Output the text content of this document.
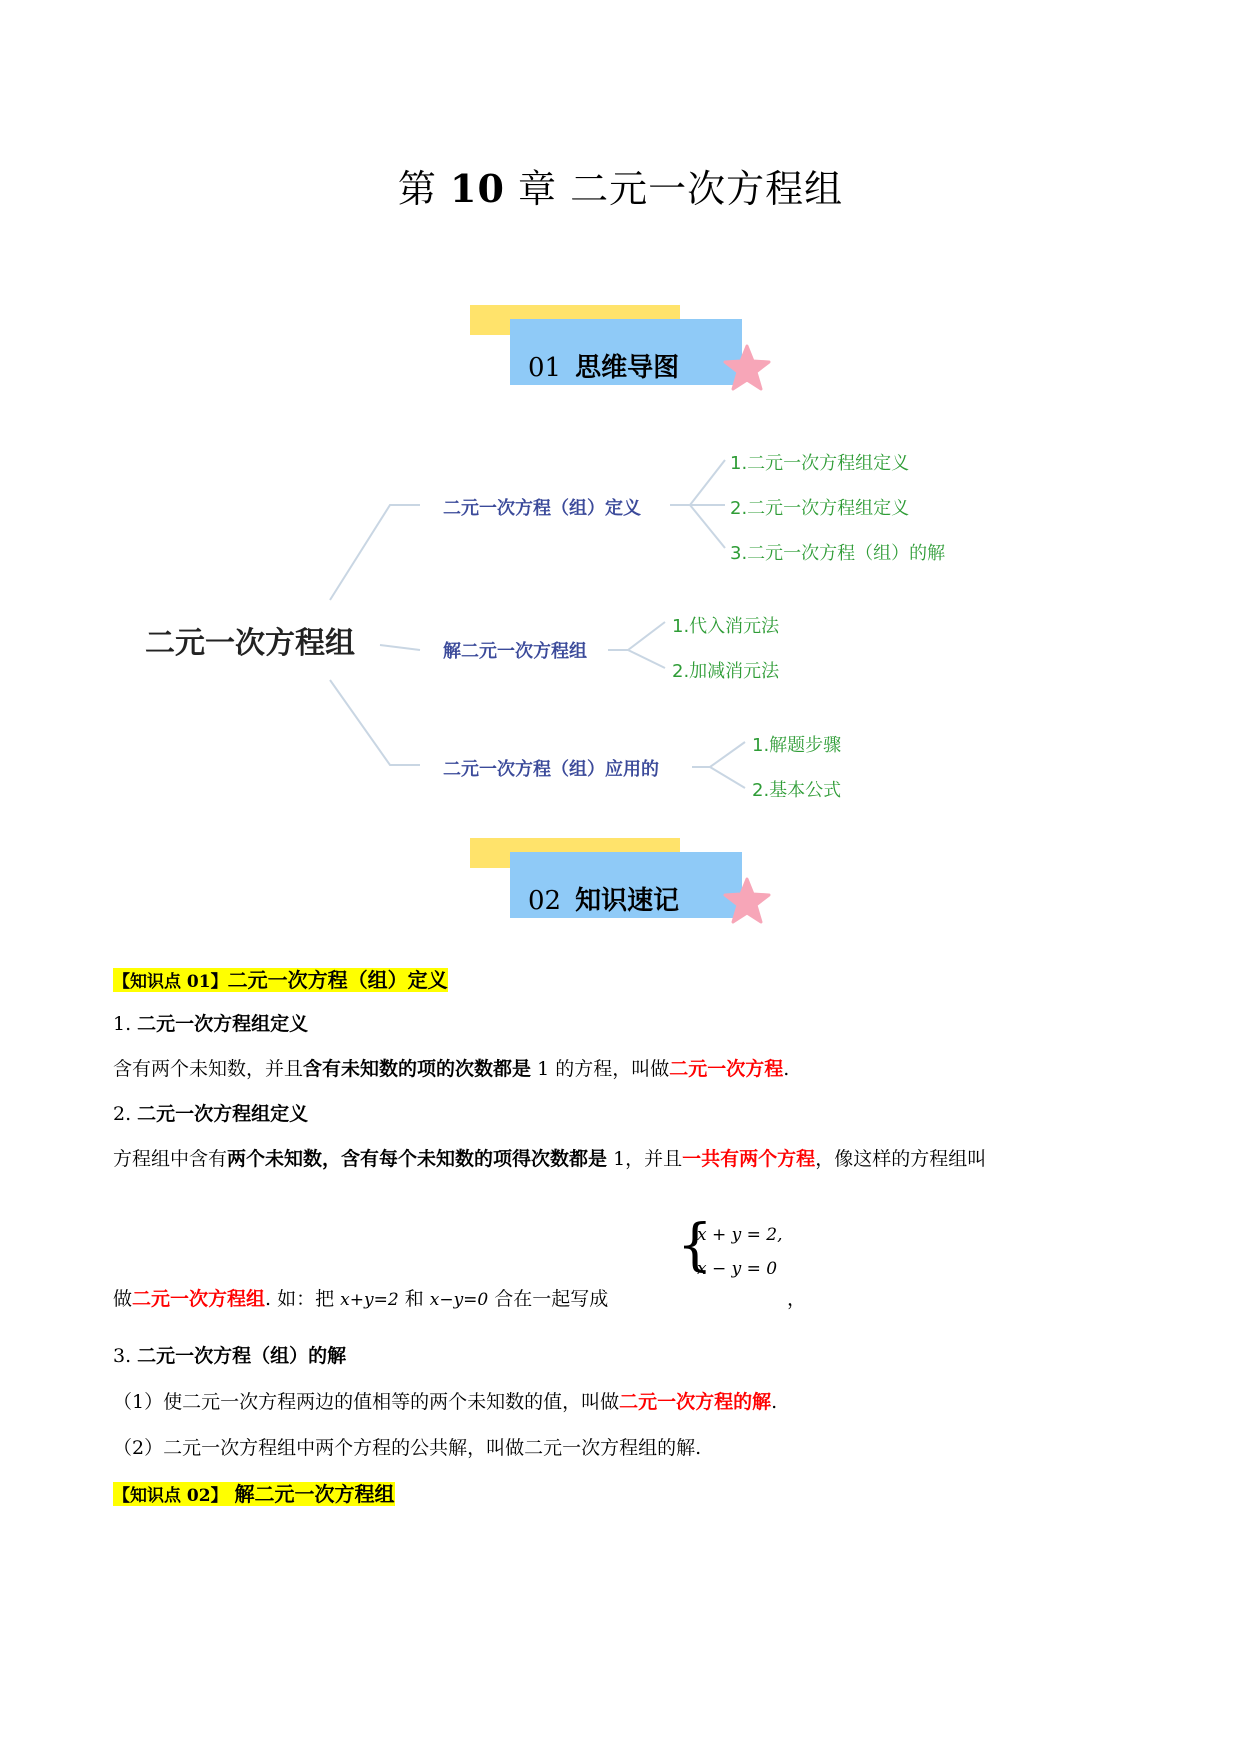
第 10 章 二元一次方程组
01 思维导图
二元一次方程组
二元一次方程（组）定义
1.二元一次方程组定义
2.二元一次方程组定义
3.二元一次方程（组）的解
解二元一次方程组
1.代入消元法
2.加减消元法
二元一次方程（组）应用的
1.解题步骤
2.基本公式
02 知识速记
【知识点 01】二元一次方程（组）定义
1. 二元一次方程组定义
含有两个未知数，并且含有未知数的项的次数都是 1 的方程，叫做二元一次方程.
2. 二元一次方程组定义
方程组中含有两个未知数，含有每个未知数的项得次数都是 1，并且一共有两个方程，像这样的方程组叫
{
x + y = 2,
x − y = 0
做二元一次方程组. 如：把 x+y=2 和 x−y=0 合在一起写成	，
3. 二元一次方程（组）的解
（1）使二元一次方程两边的值相等的两个未知数的值，叫做二元一次方程的解.
（2）二元一次方程组中两个方程的公共解，叫做二元一次方程组的解.
【知识点 02】 解二元一次方程组
